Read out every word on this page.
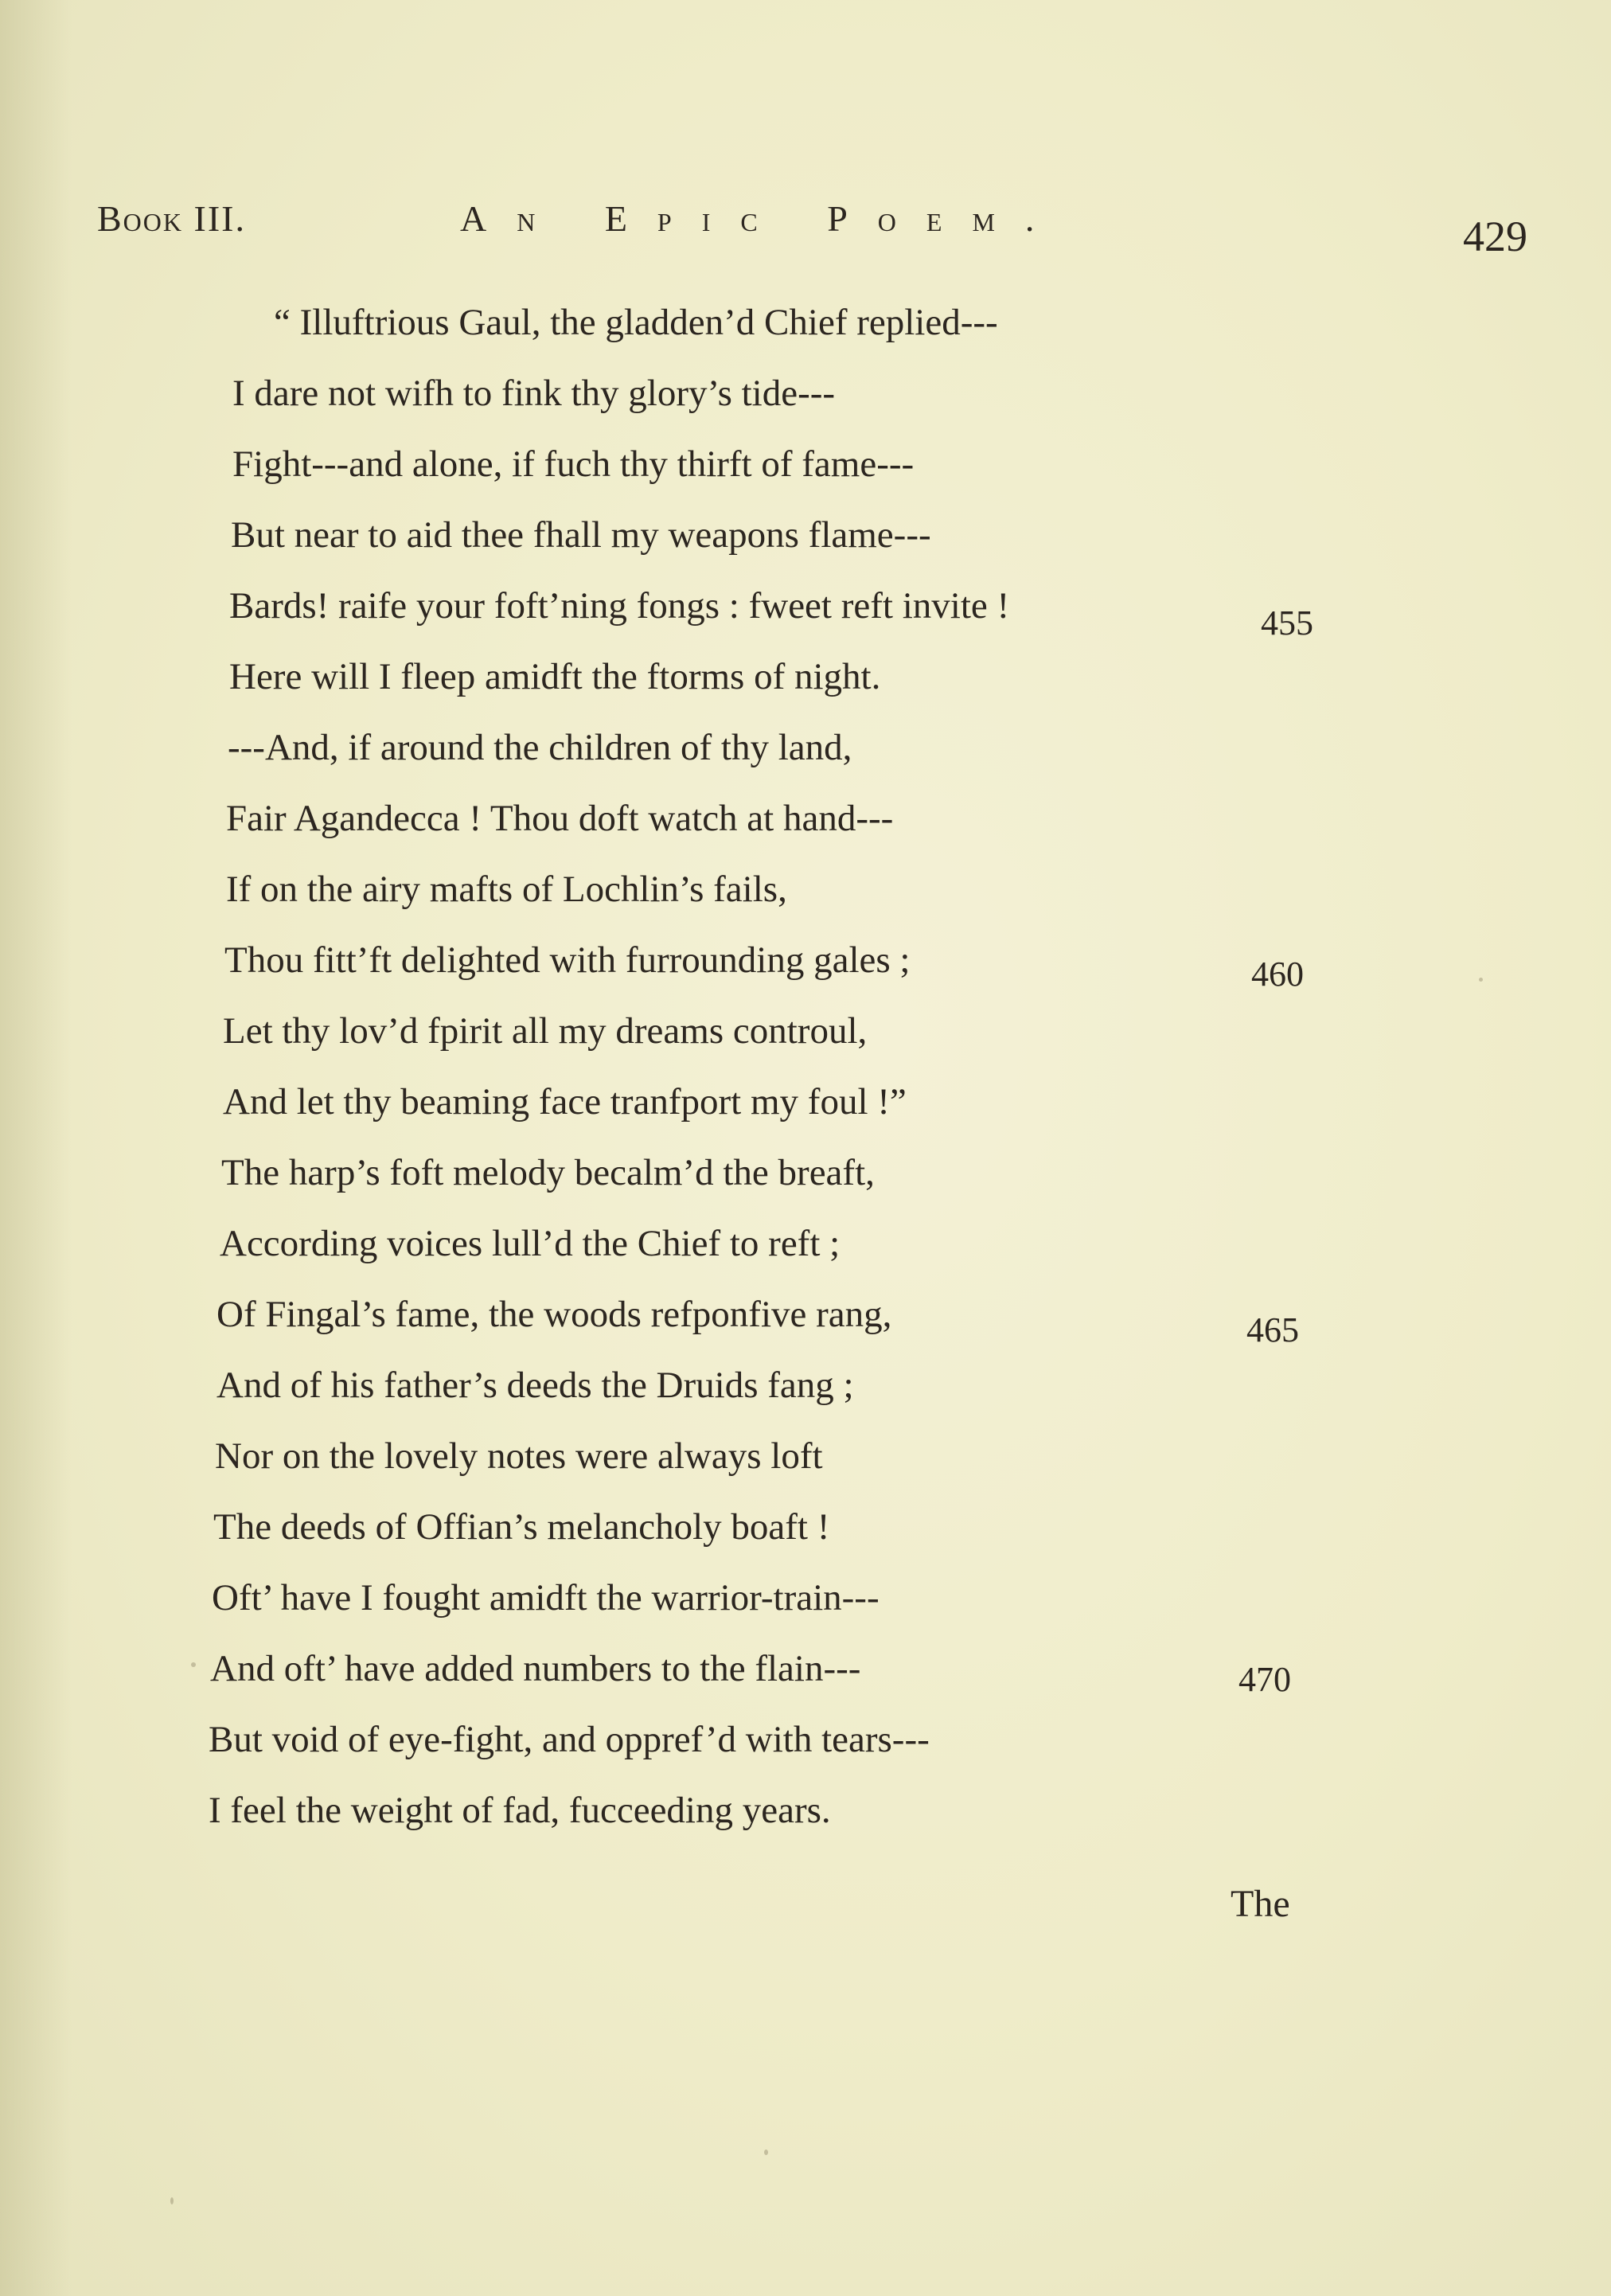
Book III.	An Epic Poem.	429
“ Illuftrious Gaul, the gladden’d Chief replied---
I dare not wifh to fink thy glory’s tide---
Fight---and alone, if fuch thy thirft of fame---
But near to aid thee fhall my weapons flame---
Bards! raife your foft’ning fongs : fweet reft invite !	455
Here will I fleep amidft the ftorms of night.
---And, if around the children of thy land,
Fair Agandecca ! Thou doft watch at hand---
If on the airy mafts of Lochlin’s fails,
Thou fitt’ft delighted with furrounding gales ;	460
Let thy lov’d fpirit all my dreams controul,
And let thy beaming face tranfport my foul !”
The harp’s foft melody becalm’d the breaft,
According voices lull’d the Chief to reft ;
Of Fingal’s fame, the woods refponfive rang,	465
And of his father’s deeds the Druids fang ;
Nor on the lovely notes were always loft
The deeds of Offian’s melancholy boaft !
Oft’ have I fought amidft the warrior-train---
And oft’ have added numbers to the flain---	470
But void of eye-fight, and oppref’d with tears---
I feel the weight of fad, fucceeding years.
The
